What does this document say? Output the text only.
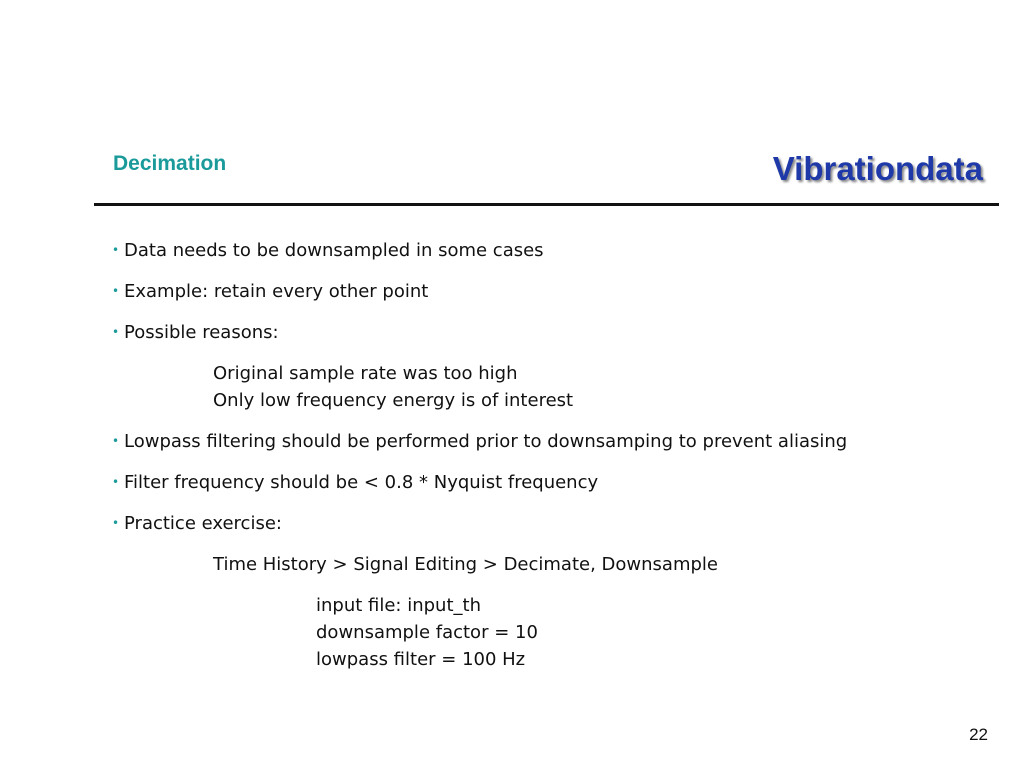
Decimation	Vibrationdata
• Data needs to be downsampled in some cases
• Example: retain every other point
• Possible reasons:
Original sample rate was too high
Only low frequency energy is of interest
• Lowpass filtering should be performed prior to downsamping to prevent aliasing
• Filter frequency should be < 0.8 * Nyquist frequency
• Practice exercise:
Time History > Signal Editing > Decimate, Downsample
input file: input_th
downsample factor = 10
lowpass filter = 100 Hz
22
